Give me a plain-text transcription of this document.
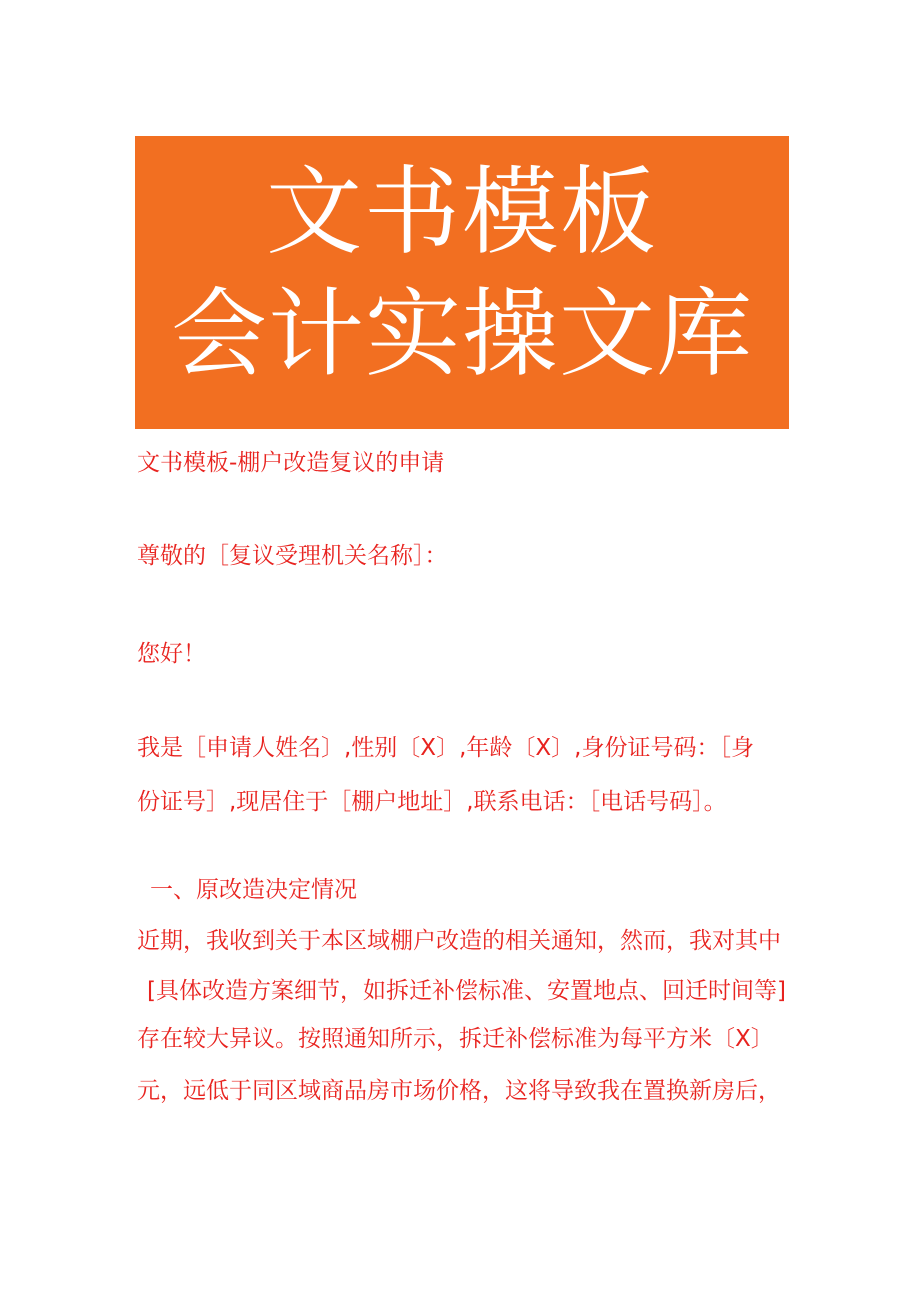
文书模板
会计实操文库

文书模板-棚户改造复议的申请

尊敬的［复议受理机关名称］：

您好！

我是［申请人姓名〕,性别〔X〕,年龄〔X〕,身份证号码：［身

份证号］,现居住于［棚户地址］,联系电话：［电话号码］。

一、原改造决定情况

近期，我收到关于本区域棚户改造的相关通知，然而，我对其中

[具体改造方案细节，如拆迁补偿标准、安置地点、回迁时间等]

存在较大异议。按照通知所示，拆迁补偿标准为每平方米〔X〕

元，远低于同区域商品房市场价格，这将导致我在置换新房后，
